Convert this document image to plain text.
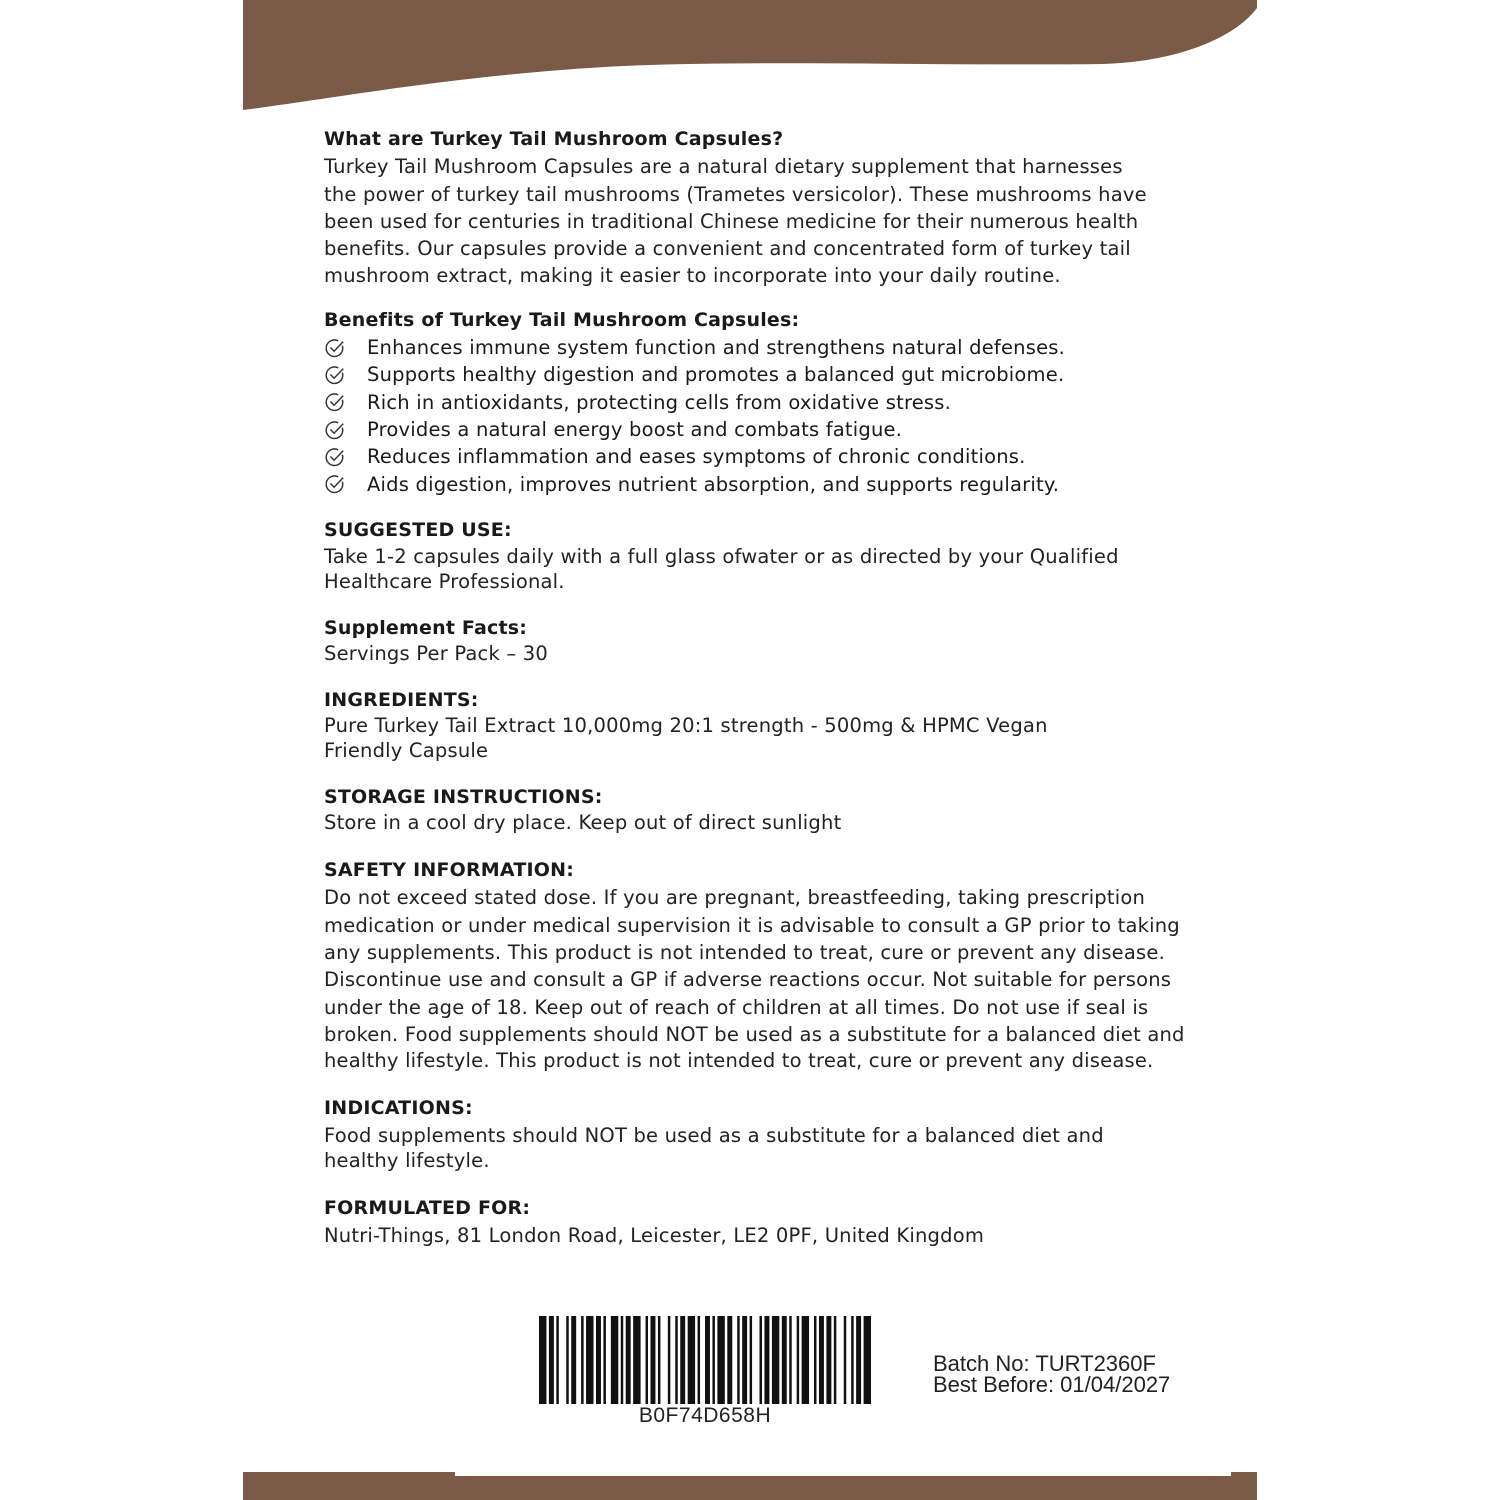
What are Turkey Tail Mushroom Capsules?

Turkey Tail Mushroom Capsules are a natural dietary supplement that harnesses

the power of turkey tail mushrooms (Trametes versicolor). These mushrooms have

been used for centuries in traditional Chinese medicine for their numerous health

benefits. Our capsules provide a convenient and concentrated form of turkey tail

mushroom extract, making it easier to incorporate into your daily routine.

Benefits of Turkey Tail Mushroom Capsules:
Enhances immune system function and strengthens natural defenses.
Supports healthy digestion and promotes a balanced gut microbiome.
Rich in antioxidants, protecting cells from oxidative stress.
Provides a natural energy boost and combats fatigue.
Reduces inflammation and eases symptoms of chronic conditions.
Aids digestion, improves nutrient absorption, and supports regularity.
SUGGESTED USE:

Take 1-2 capsules daily with a full glass ofwater or as directed by your Qualified

Healthcare Professional.

Supplement Facts:

Servings Per Pack – 30

INGREDIENTS:

Pure Turkey Tail Extract 10,000mg 20:1 strength - 500mg & HPMC Vegan

Friendly Capsule

STORAGE INSTRUCTIONS:

Store in a cool dry place. Keep out of direct sunlight

SAFETY INFORMATION:

Do not exceed stated dose. If you are pregnant, breastfeeding, taking prescription

medication or under medical supervision it is advisable to consult a GP prior to taking

any supplements. This product is not intended to treat, cure or prevent any disease.

Discontinue use and consult a GP if adverse reactions occur. Not suitable for persons

under the age of 18. Keep out of reach of children at all times. Do not use if seal is

broken. Food supplements should NOT be used as a substitute for a balanced diet and

healthy lifestyle. This product is not intended to treat, cure or prevent any disease.

INDICATIONS:

Food supplements should NOT be used as a substitute for a balanced diet and

healthy lifestyle.

FORMULATED FOR:

Nutri-Things, 81 London Road, Leicester, LE2 0PF, United Kingdom

B0F74D658H
Batch No: TURT2360F
Best Before: 01/04/2027
